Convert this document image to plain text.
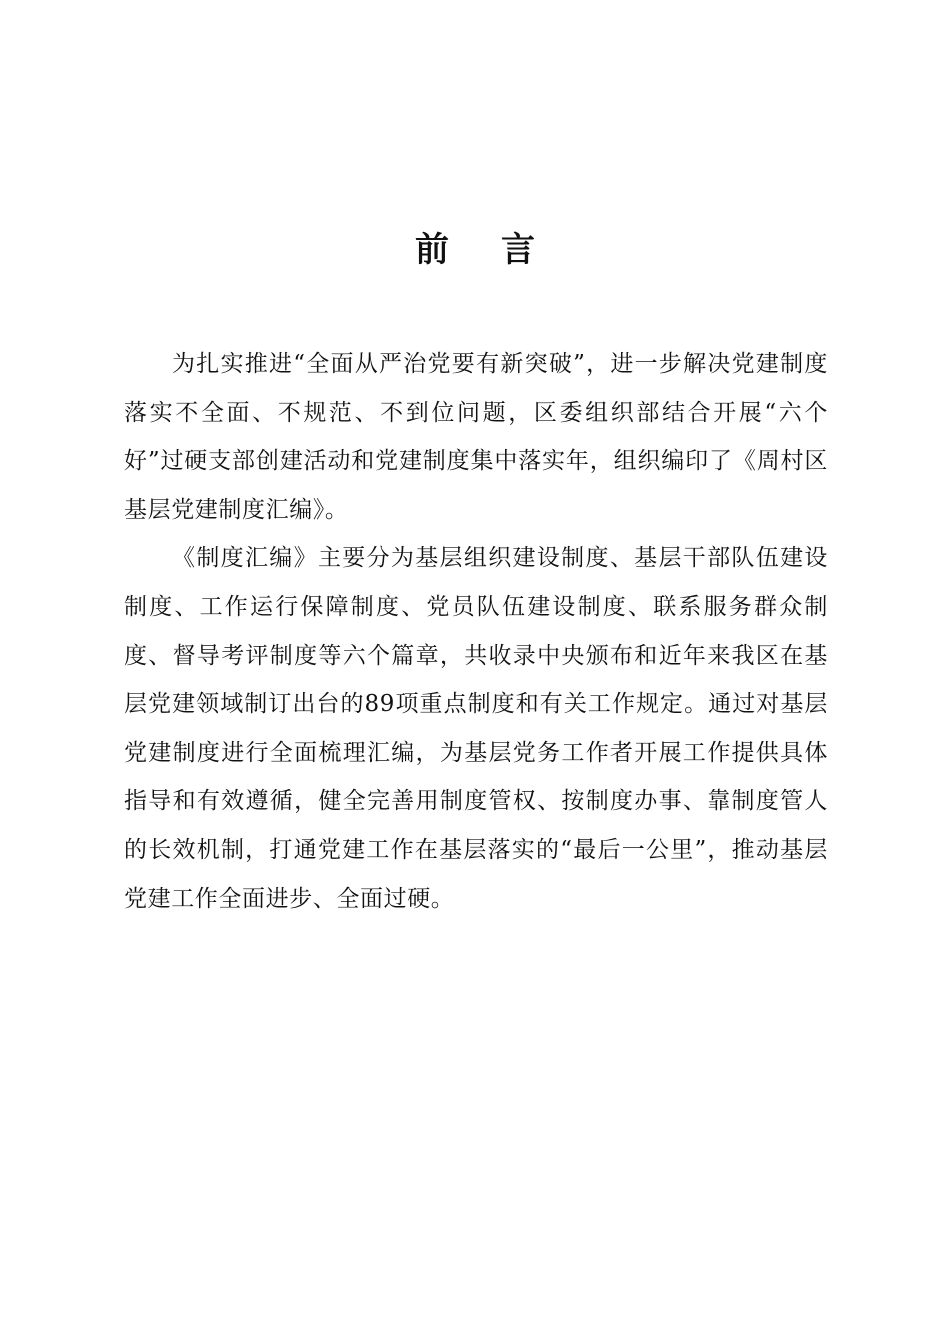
前言

为扎实推进“全面从严治党要有新突破”，进一步解决党建制度落实不全面、不规范、不到位问题，区委组织部结合开展“六个好”过硬支部创建活动和党建制度集中落实年，组织编印了《周村区基层党建制度汇编》。

《制度汇编》主要分为基层组织建设制度、基层干部队伍建设制度、工作运行保障制度、党员队伍建设制度、联系服务群众制度、督导考评制度等六个篇章，共收录中央颁布和近年来我区在基层党建领域制订出台的89项重点制度和有关工作规定。通过对基层党建制度进行全面梳理汇编，为基层党务工作者开展工作提供具体指导和有效遵循，健全完善用制度管权、按制度办事、靠制度管人的长效机制，打通党建工作在基层落实的“最后一公里”，推动基层党建工作全面进步、全面过硬。
